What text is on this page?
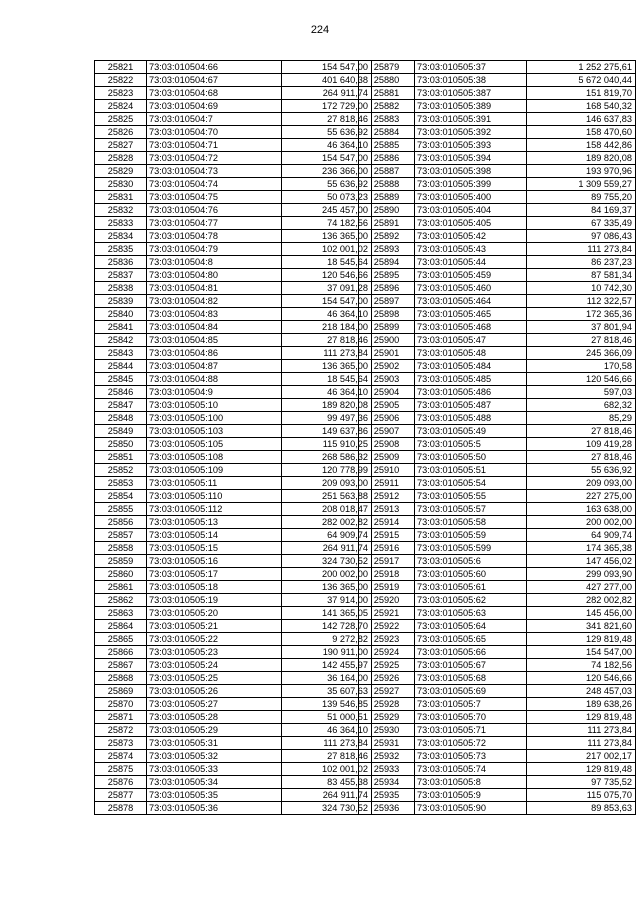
224
25821	73:03:010504:66	154 547,00
25822	73:03:010504:67	401 640,38
25823	73:03:010504:68	264 911,74
25824	73:03:010504:69	172 729,00
25825	73:03:010504:7	27 818,46
25826	73:03:010504:70	55 636,92
25827	73:03:010504:71	46 364,10
25828	73:03:010504:72	154 547,00
25829	73:03:010504:73	236 366,00
25830	73:03:010504:74	55 636,92
25831	73:03:010504:75	50 073,23
25832	73:03:010504:76	245 457,00
25833	73:03:010504:77	74 182,56
25834	73:03:010504:78	136 365,00
25835	73:03:010504:79	102 001,02
25836	73:03:010504:8	18 545,64
25837	73:03:010504:80	120 546,66
25838	73:03:010504:81	37 091,28
25839	73:03:010504:82	154 547,00
25840	73:03:010504:83	46 364,10
25841	73:03:010504:84	218 184,00
25842	73:03:010504:85	27 818,46
25843	73:03:010504:86	111 273,84
25844	73:03:010504:87	136 365,00
25845	73:03:010504:88	18 545,64
25846	73:03:010504:9	46 364,10
25847	73:03:010505:10	189 820,08
25848	73:03:010505:100	99 497,36
25849	73:03:010505:103	149 637,86
25850	73:03:010505:105	115 910,25
25851	73:03:010505:108	268 586,32
25852	73:03:010505:109	120 778,99
25853	73:03:010505:11	209 093,00
25854	73:03:010505:110	251 563,88
25855	73:03:010505:112	208 018,47
25856	73:03:010505:13	282 002,82
25857	73:03:010505:14	64 909,74
25858	73:03:010505:15	264 911,74
25859	73:03:010505:16	324 730,52
25860	73:03:010505:17	200 002,00
25861	73:03:010505:18	136 365,00
25862	73:03:010505:19	37 914,00
25863	73:03:010505:20	141 365,05
25864	73:03:010505:21	142 728,70
25865	73:03:010505:22	9 272,82
25866	73:03:010505:23	190 911,00
25867	73:03:010505:24	142 455,97
25868	73:03:010505:25	36 164,00
25869	73:03:010505:26	35 607,63
25870	73:03:010505:27	139 546,85
25871	73:03:010505:28	51 000,51
25872	73:03:010505:29	46 364,10
25873	73:03:010505:31	111 273,84
25874	73:03:010505:32	27 818,46
25875	73:03:010505:33	102 001,02
25876	73:03:010505:34	83 455,38
25877	73:03:010505:35	264 911,74
25878	73:03:010505:36	324 730,52
25879	73:03:010505:37	1 252 275,61
25880	73:03:010505:38	5 672 040,44
25881	73:03:010505:387	151 819,70
25882	73:03:010505:389	168 540,32
25883	73:03:010505:391	146 637,83
25884	73:03:010505:392	158 470,60
25885	73:03:010505:393	158 442,86
25886	73:03:010505:394	189 820,08
25887	73:03:010505:398	193 970,96
25888	73:03:010505:399	1 309 559,27
25889	73:03:010505:400	89 755,20
25890	73:03:010505:404	84 169,37
25891	73:03:010505:405	67 335,49
25892	73:03:010505:42	97 086,43
25893	73:03:010505:43	111 273,84
25894	73:03:010505:44	86 237,23
25895	73:03:010505:459	87 581,34
25896	73:03:010505:460	10 742,30
25897	73:03:010505:464	112 322,57
25898	73:03:010505:465	172 365,36
25899	73:03:010505:468	37 801,94
25900	73:03:010505:47	27 818,46
25901	73:03:010505:48	245 366,09
25902	73:03:010505:484	170,58
25903	73:03:010505:485	120 546,66
25904	73:03:010505:486	597,03
25905	73:03:010505:487	682,32
25906	73:03:010505:488	85,29
25907	73:03:010505:49	27 818,46
25908	73:03:010505:5	109 419,28
25909	73:03:010505:50	27 818,46
25910	73:03:010505:51	55 636,92
25911	73:03:010505:54	209 093,00
25912	73:03:010505:55	227 275,00
25913	73:03:010505:57	163 638,00
25914	73:03:010505:58	200 002,00
25915	73:03:010505:59	64 909,74
25916	73:03:010505:599	174 365,38
25917	73:03:010505:6	147 456,02
25918	73:03:010505:60	299 093,90
25919	73:03:010505:61	427 277,00
25920	73:03:010505:62	282 002,82
25921	73:03:010505:63	145 456,00
25922	73:03:010505:64	341 821,60
25923	73:03:010505:65	129 819,48
25924	73:03:010505:66	154 547,00
25925	73:03:010505:67	74 182,56
25926	73:03:010505:68	120 546,66
25927	73:03:010505:69	248 457,03
25928	73:03:010505:7	189 638,26
25929	73:03:010505:70	129 819,48
25930	73:03:010505:71	111 273,84
25931	73:03:010505:72	111 273,84
25932	73:03:010505:73	217 002,17
25933	73:03:010505:74	129 819,48
25934	73:03:010505:8	97 735,52
25935	73:03:010505:9	115 075,70
25936	73:03:010505:90	89 853,63
